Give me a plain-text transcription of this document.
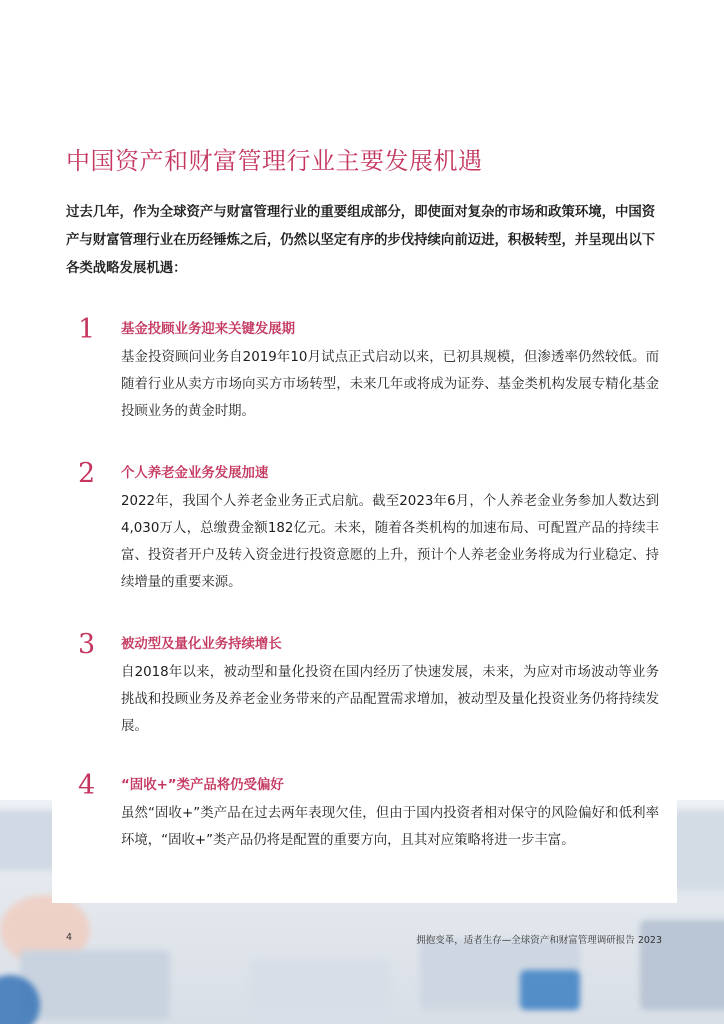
中国资产和财富管理行业主要发展机遇

过去几年，作为全球资产与财富管理行业的重要组成部分，即使面对复杂的市场和政策环境，中国资产与财富管理行业在历经锤炼之后，仍然以坚定有序的步伐持续向前迈进，积极转型，并呈现出以下各类战略发展机遇：

1 基金投顾业务迎来关键发展期

基金投资顾问业务自2019年10月试点正式启动以来，已初具规模，但渗透率仍然较低。而随着行业从卖方市场向买方市场转型，未来几年或将成为证券、基金类机构发展专精化基金投顾业务的黄金时期。

2 个人养老金业务发展加速

2022年，我国个人养老金业务正式启航。截至2023年6月，个人养老金业务参加人数达到4,030万人，总缴费金额182亿元。未来，随着各类机构的加速布局、可配置产品的持续丰富、投资者开户及转入资金进行投资意愿的上升，预计个人养老金业务将成为行业稳定、持续增量的重要来源。

3 被动型及量化业务持续增长

自2018年以来，被动型和量化投资在国内经历了快速发展，未来，为应对市场波动等业务挑战和投顾业务及养老金业务带来的产品配置需求增加，被动型及量化投资业务仍将持续发展。

4 “固收+”类产品将仍受偏好

虽然“固收+”类产品在过去两年表现欠佳，但由于国内投资者相对保守的风险偏好和低利率环境，“固收+”类产品仍将是配置的重要方向，且其对应策略将进一步丰富。

4	拥抱变革，适者生存—全球资产和财富管理调研报告 2023
